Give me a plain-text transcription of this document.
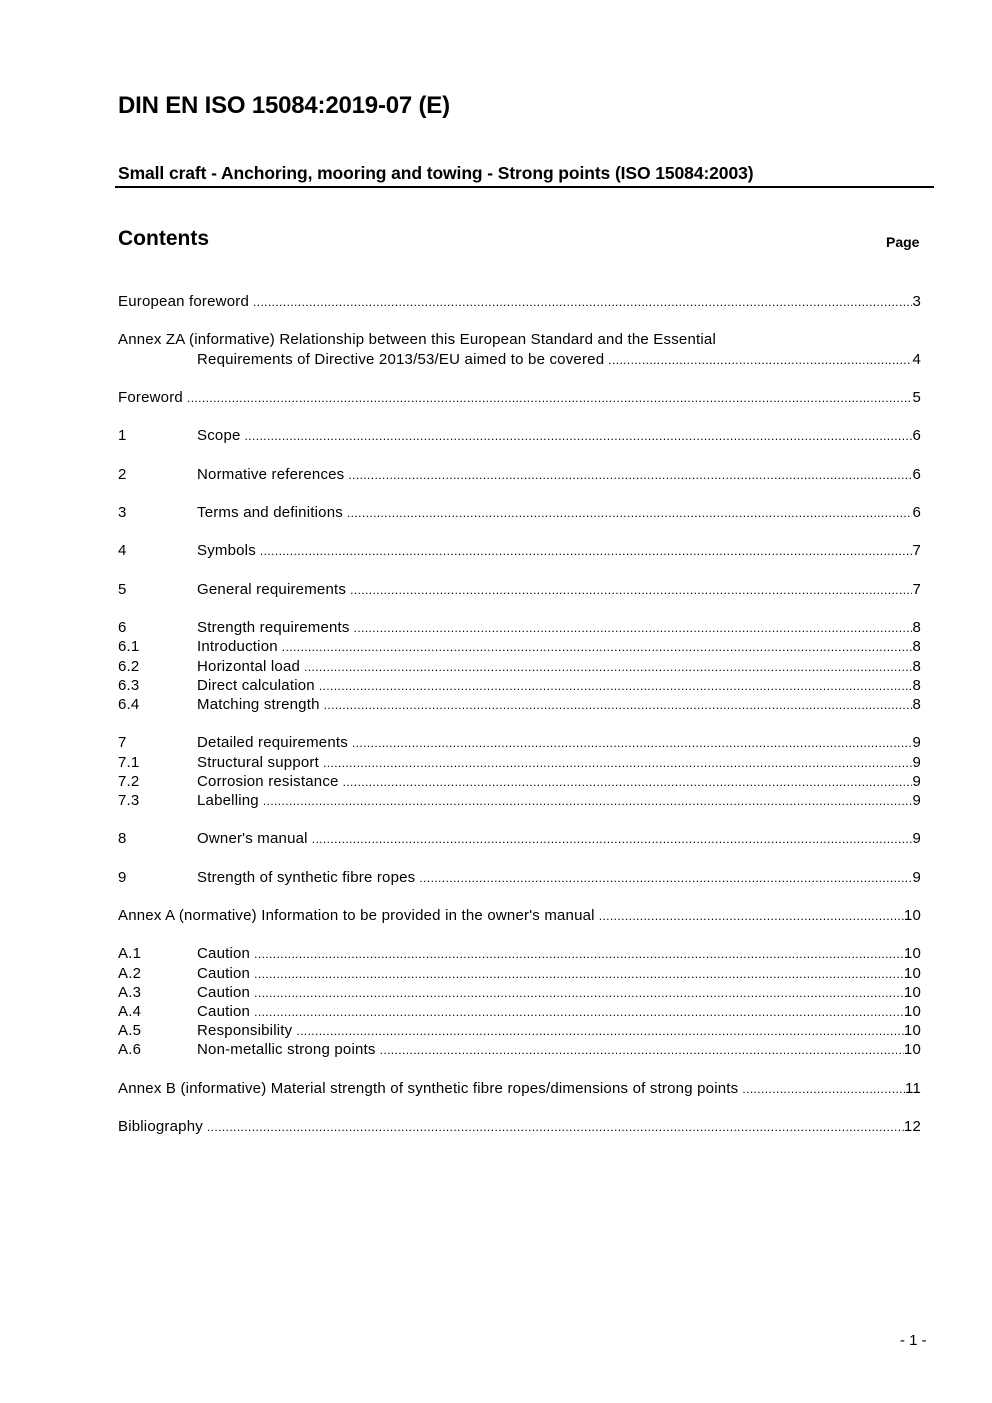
DIN EN ISO 15084:2019-07 (E)
Small craft - Anchoring, mooring and towing - Strong points (ISO 15084:2003)
Contents	Page
European foreword .....	3
Annex ZA (informative) Relationship between this European Standard and the Essential
Requirements of Directive 2013/53/EU aimed to be covered .....	4
Foreword .....	5
1	Scope .....	6
2	Normative references .....	6
3	Terms and definitions .....	6
4	Symbols .....	7
5	General requirements .....	7
6	Strength requirements .....	8
6.1	Introduction .....	8
6.2	Horizontal load .....	8
6.3	Direct calculation .....	8
6.4	Matching strength .....	8
7	Detailed requirements .....	9
7.1	Structural support .....	9
7.2	Corrosion resistance .....	9
7.3	Labelling .....	9
8	Owner's manual .....	9
9	Strength of synthetic fibre ropes .....	9
Annex A (normative) Information to be provided in the owner's manual .....	10
A.1	Caution .....	10
A.2	Caution .....	10
A.3	Caution .....	10
A.4	Caution .....	10
A.5	Responsibility .....	10
A.6	Non-metallic strong points .....	10
Annex B (informative) Material strength of synthetic fibre ropes/dimensions of strong points .....	11
Bibliography .....	12
- 1 -
